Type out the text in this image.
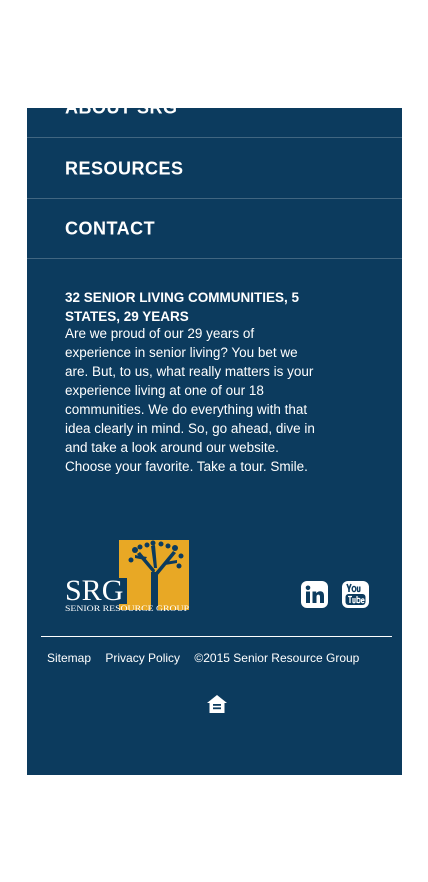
ABOUT SRG
RESOURCES
CONTACT
32 SENIOR LIVING COMMUNITIES, 5 STATES, 29 YEARS
Are we proud of our 29 years of experience in senior living? You bet we are. But, to us, what really matters is your experience living at one of our 18 communities. We do everything with that idea clearly in mind. So, go ahead, dive in and take a look around our website. Choose your favorite. Take a tour. Smile.
SRG
SENIOR RESOURCE GROUP
Sitemap Privacy Policy ©2015 Senior Resource Group
